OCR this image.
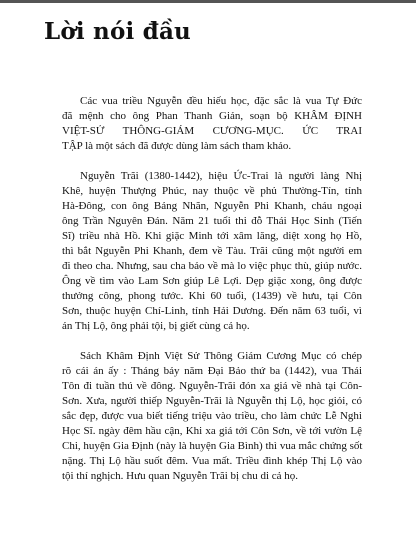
Lời nói đầu

Các vua triều Nguyễn đều hiếu học, đặc sắc là vua Tự Đức
đã mệnh cho ông Phan Thanh Giản, soạn bộ KHÂM ĐỊNH
VIỆT-SỬ THÔNG-GIÁM CƯƠNG-MỤC. ỨC TRAI
TẬP là một sách đã được dùng làm sách tham khảo.

Nguyễn Trãi (1380-1442), hiệu Ức-Trai là người làng Nhị
Khê, huyện Thượng Phúc, nay thuộc về phủ Thường-Tín, tỉnh
Hà-Đông, con ông Bảng Nhãn, Nguyễn Phi Khanh, cháu ngoại
ông Trần Nguyên Đán. Năm 21 tuổi thi đỗ Thái Học Sinh (Tiến
Sĩ) triều nhà Hồ. Khi giặc Minh tới xâm lăng, diệt xong họ Hồ,
thì bắt Nguyễn Phi Khanh, đem về Tàu. Trãi cũng một người em
đi theo cha. Nhưng, sau cha bảo về mà lo việc phục thù, giúp nước.
Ông về tìm vào Lam Sơn giúp Lê Lợi. Dẹp giặc xong, ông được
thưởng công, phong tước. Khi 60 tuổi, (1439) về hưu, tại Côn
Sơn, thuộc huyện Chí-Linh, tỉnh Hải Dương. Đến năm 63 tuổi, vì
án Thị Lộ, ông phải tội, bị giết cùng cả họ.

Sách Khâm Định Việt Sử Thông Giám Cương Mục có chép
rõ cái án ấy : Tháng bảy năm Đại Bảo thứ ba (1442), vua Thái
Tôn đi tuần thú về đông. Nguyễn-Trãi đón xa giá về nhà tại Côn-
Sơn. Xưa, người thiếp Nguyễn-Trãi là Nguyễn thị Lộ, học giỏi, có
sắc đẹp, được vua biết tiếng triệu vào triều, cho làm chức Lễ Nghi
Học Sĩ. ngày đêm hầu cận, Khi xa giá tới Côn Sơn, về tới vườn Lệ
Chi, huyện Gia Định (này là huyện Gia Bình) thì vua mắc chứng sốt
nặng. Thị Lộ hầu suốt đêm. Vua mất. Triều đình khép Thị Lộ vào
tội thí nghịch. Hưu quan Nguyễn Trãi bị chu di cả họ.
